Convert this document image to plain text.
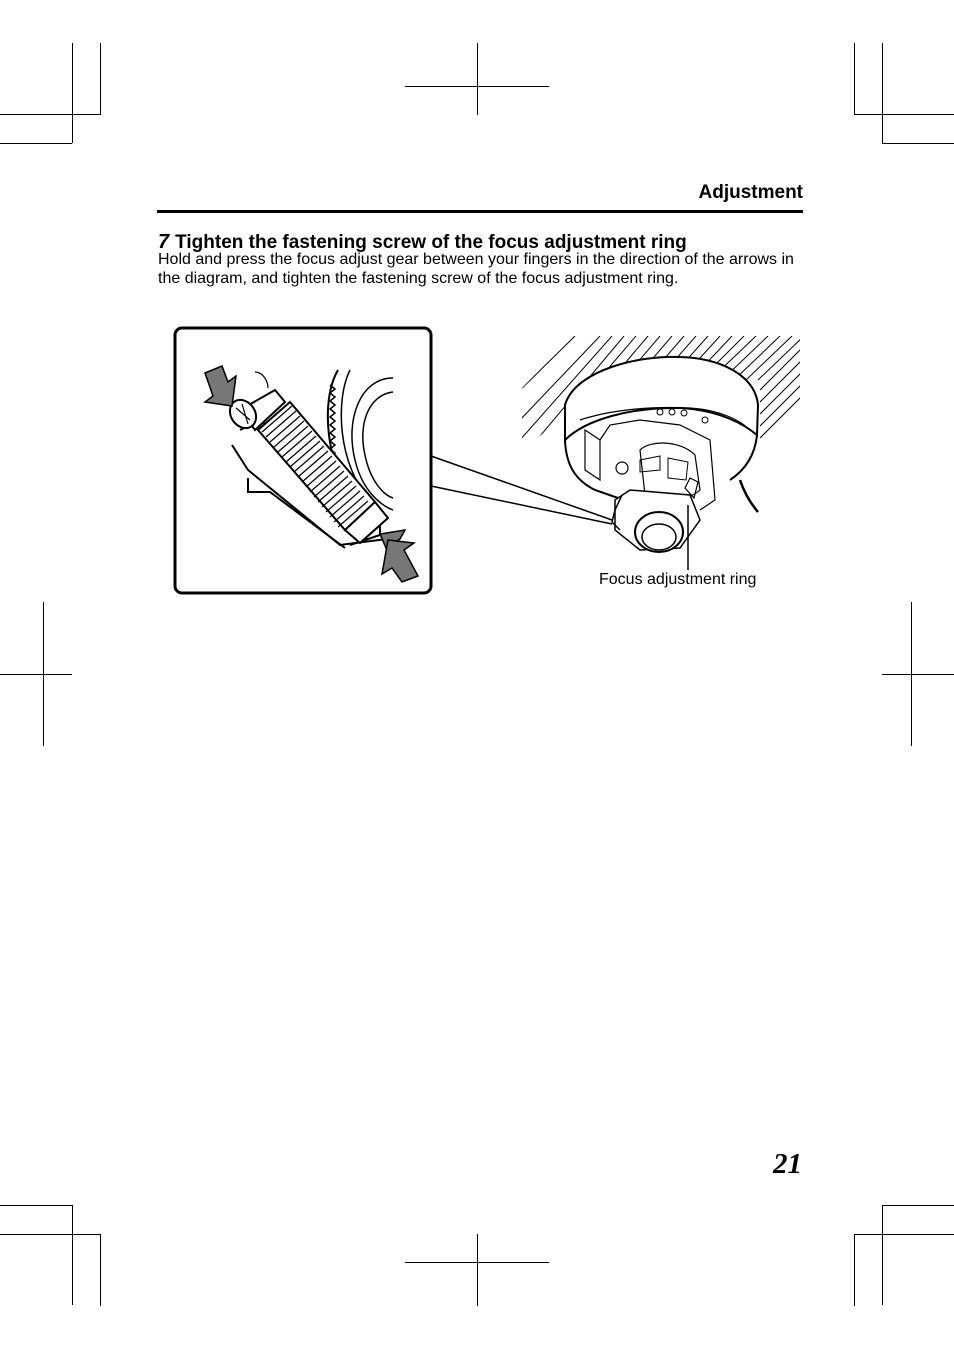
Adjustment
7 Tighten the fastening screw of the focus adjustment ring
Hold and press the focus adjust gear between your fingers in the direction of the arrows in the diagram, and tighten the fastening screw of the focus adjustment ring.
Focus adjustment ring
21
